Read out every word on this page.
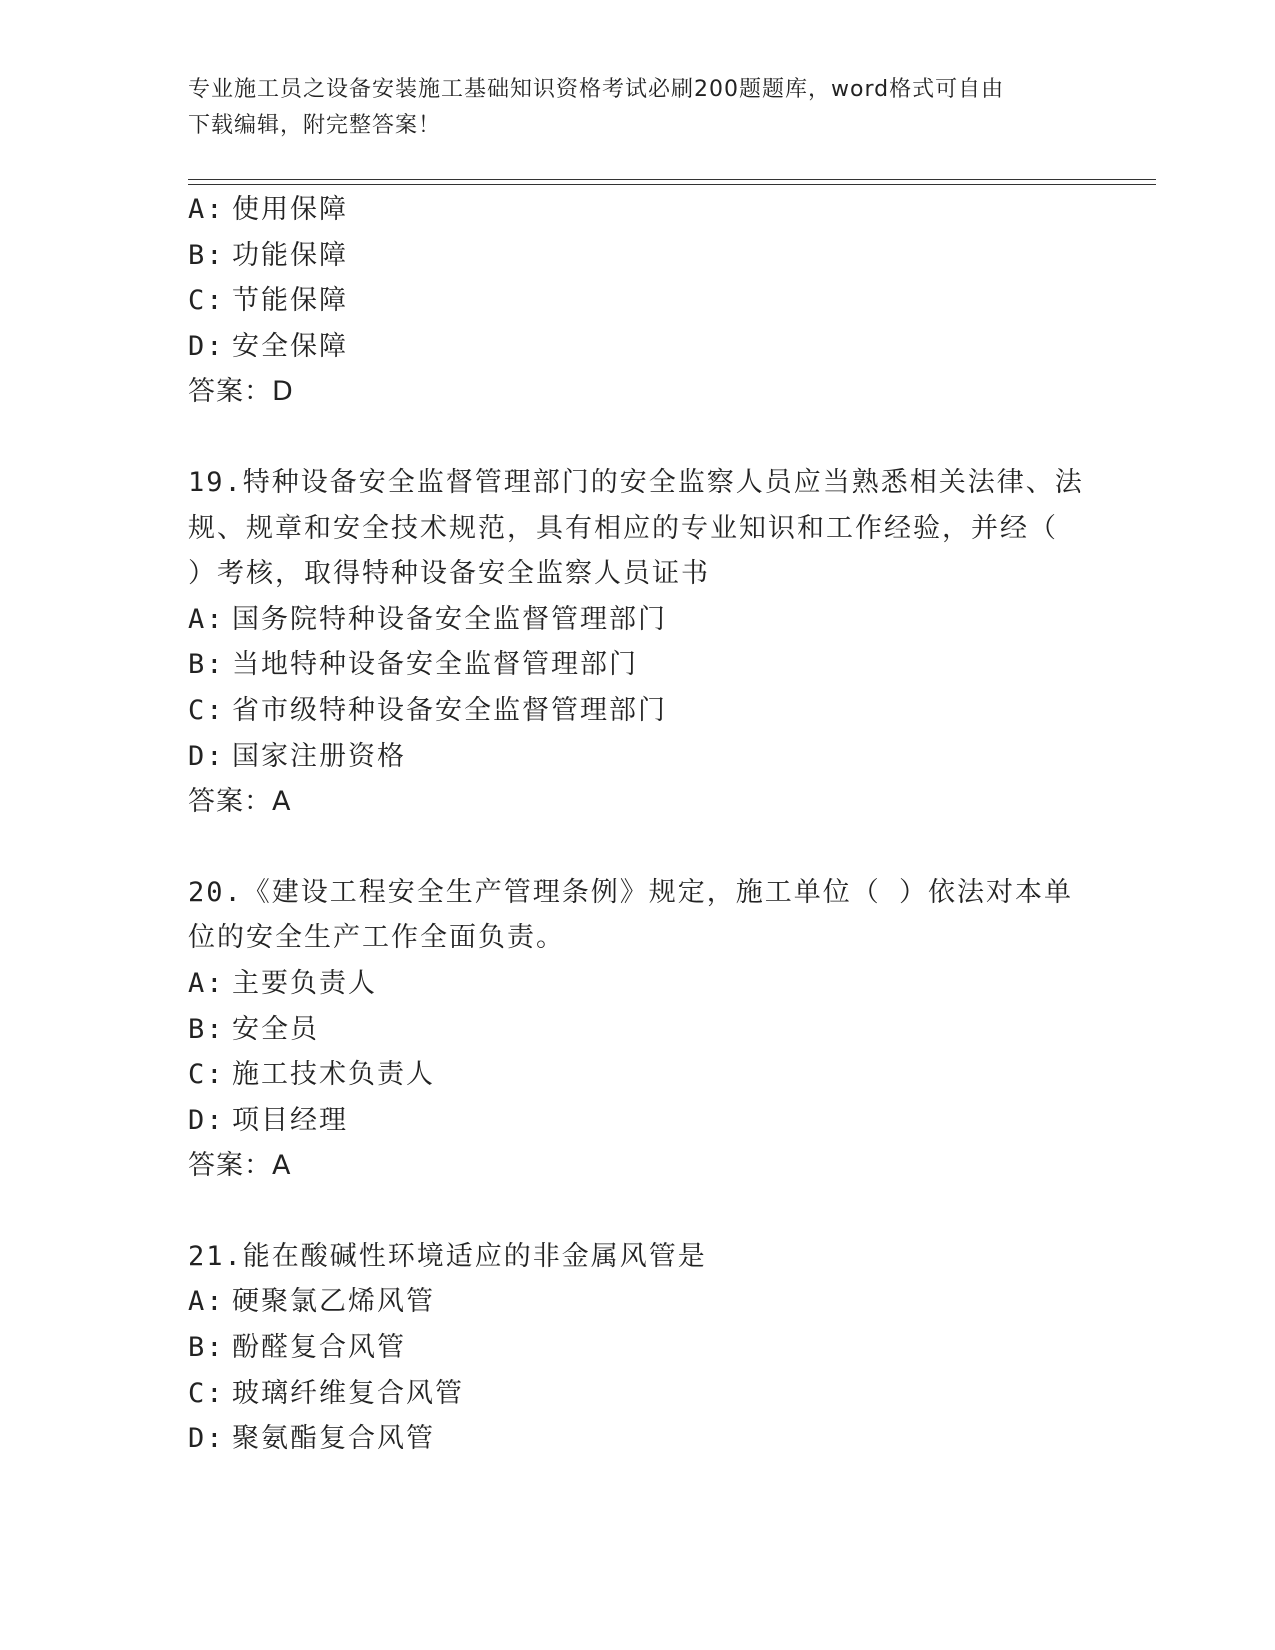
专业施工员之设备安装施工基础知识资格考试必刷200题题库，word格式可自由
下载编辑，附完整答案！
A: 使用保障
B: 功能保障
C: 节能保障
D: 安全保障
答案：D
19.特种设备安全监督管理部门的安全监察人员应当熟悉相关法律、法
规、规章和安全技术规范，具有相应的专业知识和工作经验，并经（
）考核，取得特种设备安全监察人员证书
A: 国务院特种设备安全监督管理部门
B: 当地特种设备安全监督管理部门
C: 省市级特种设备安全监督管理部门
D: 国家注册资格
答案：A
20.《建设工程安全生产管理条例》规定，施工单位（ ）依法对本单
位的安全生产工作全面负责。
A: 主要负责人
B: 安全员
C: 施工技术负责人
D: 项目经理
答案：A
21.能在酸碱性环境适应的非金属风管是
A: 硬聚氯乙烯风管
B: 酚醛复合风管
C: 玻璃纤维复合风管
D: 聚氨酯复合风管
